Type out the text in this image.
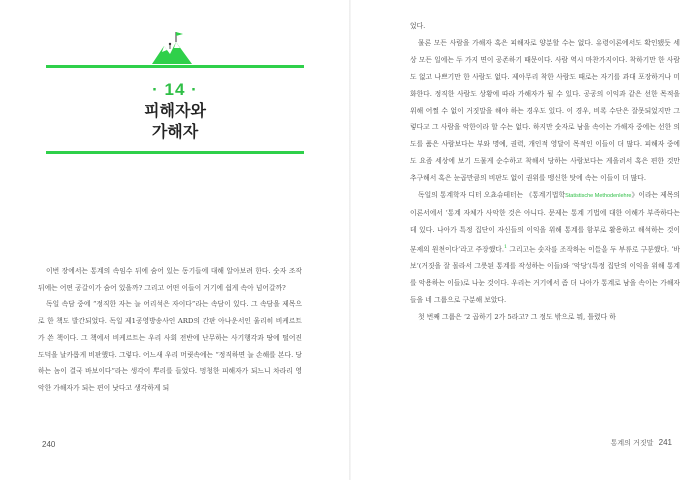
· 14 ·
피해자와
가해자

이번 장에서는 통계의 속임수 뒤에 숨어 있는 동기들에 대해 알아보려 한다. 숫자 조작 뒤에는 어떤 공갈이가 숨어 있을까? 그리고 어떤 이들이 거기에 쉽게 속아 넘어갈까?

독일 속담 중에 “정직한 자는 늘 어리석은 자이다”라는 속담이 있다. 그 속담을 제목으로 한 책도 발간되었다. 독일 제1공영방송사인 ARD의 간판 아나운서인 울리히 비케르트가 쓴 책이다. 그 책에서 비케르트는 우리 사회 전반에 난무하는 사기행각과 땅에 떨어진 도덕을 날카롭게 비판했다. 그렇다. 어느새 우리 머릿속에는 “정직하면 늘 손해를 본다. 당하는 놈이 결국 바보이다”라는 생각이 뿌리를 들었다. 멍청한 피해자가 되느니 차라리 영악한 가해자가 되는 편이 낫다고 생각하게 되

240

었다.

물론 모든 사람을 가해자 혹은 피해자로 양분할 수는 없다. 유령이론에서도 확인됐듯 세상 모든 일에는 두 가지 면이 공존하기 때문이다. 사람 역시 마찬가지이다. 착하기만 한 사람도 없고 나쁘기만 한 사람도 없다. 제아무리 착한 사람도 때로는 자기를 과대 포장하거나 미화한다. 정직한 사람도 상황에 따라 가해자가 될 수 있다. 공공의 이익과 같은 선한 목적을 위해 어쩔 수 없이 거짓말을 해야 하는 경우도 있다. 이 경우, 비록 수단은 잘못되었지만 그렇다고 그 사람을 악한이라 할 수는 없다. 하지만 숫자로 남을 속이는 가해자 중에는 선한 의도를 품은 사람보다는 부와 명예, 권력, 개인적 영달이 목적인 이들이 더 많다. 피해자 중에도 요즘 세상에 보기 드물게 순수하고 착해서 당하는 사람보다는 게을러서 혹은 편한 것만 추구해서 혹은 눈곱만큼의 비판도 없이 권위를 맹신한 탓에 속는 이들이 더 많다.

독일의 통계학자 디터 오쵸슈테터는 《통계기법학Statistische Methodenlehre》이라는 제목의 이론서에서 ‘통계 자체가 사악한 것은 아니다. 문제는 통계 기법에 대한 이해가 부족하다는 데 있다. 나아가 특정 집단이 자신들의 이익을 위해 통계를 함부로 활용하고 해석하는 것이 문제의 원천이다’라고 주장했다.$^1$ 그리고는 숫자를 조작하는 이들을 두 부류로 구분했다. ‘바보’(거짓을 잘 몰라서 그릇된 통계를 작성하는 이들)와 ‘악당’(특정 집단의 이익을 위해 통계를 악용하는 이들)로 나눈 것이다. 우리는 거기에서 좀 더 나아가 통계로 남을 속이는 가해자들을 네 그룹으로 구분해 보았다.

첫 번째 그룹은 ‘2 곱하기 2가 5라고? 그 정도 밖으로 뭐, 틀렸다 하

통계의 거짓말 241
